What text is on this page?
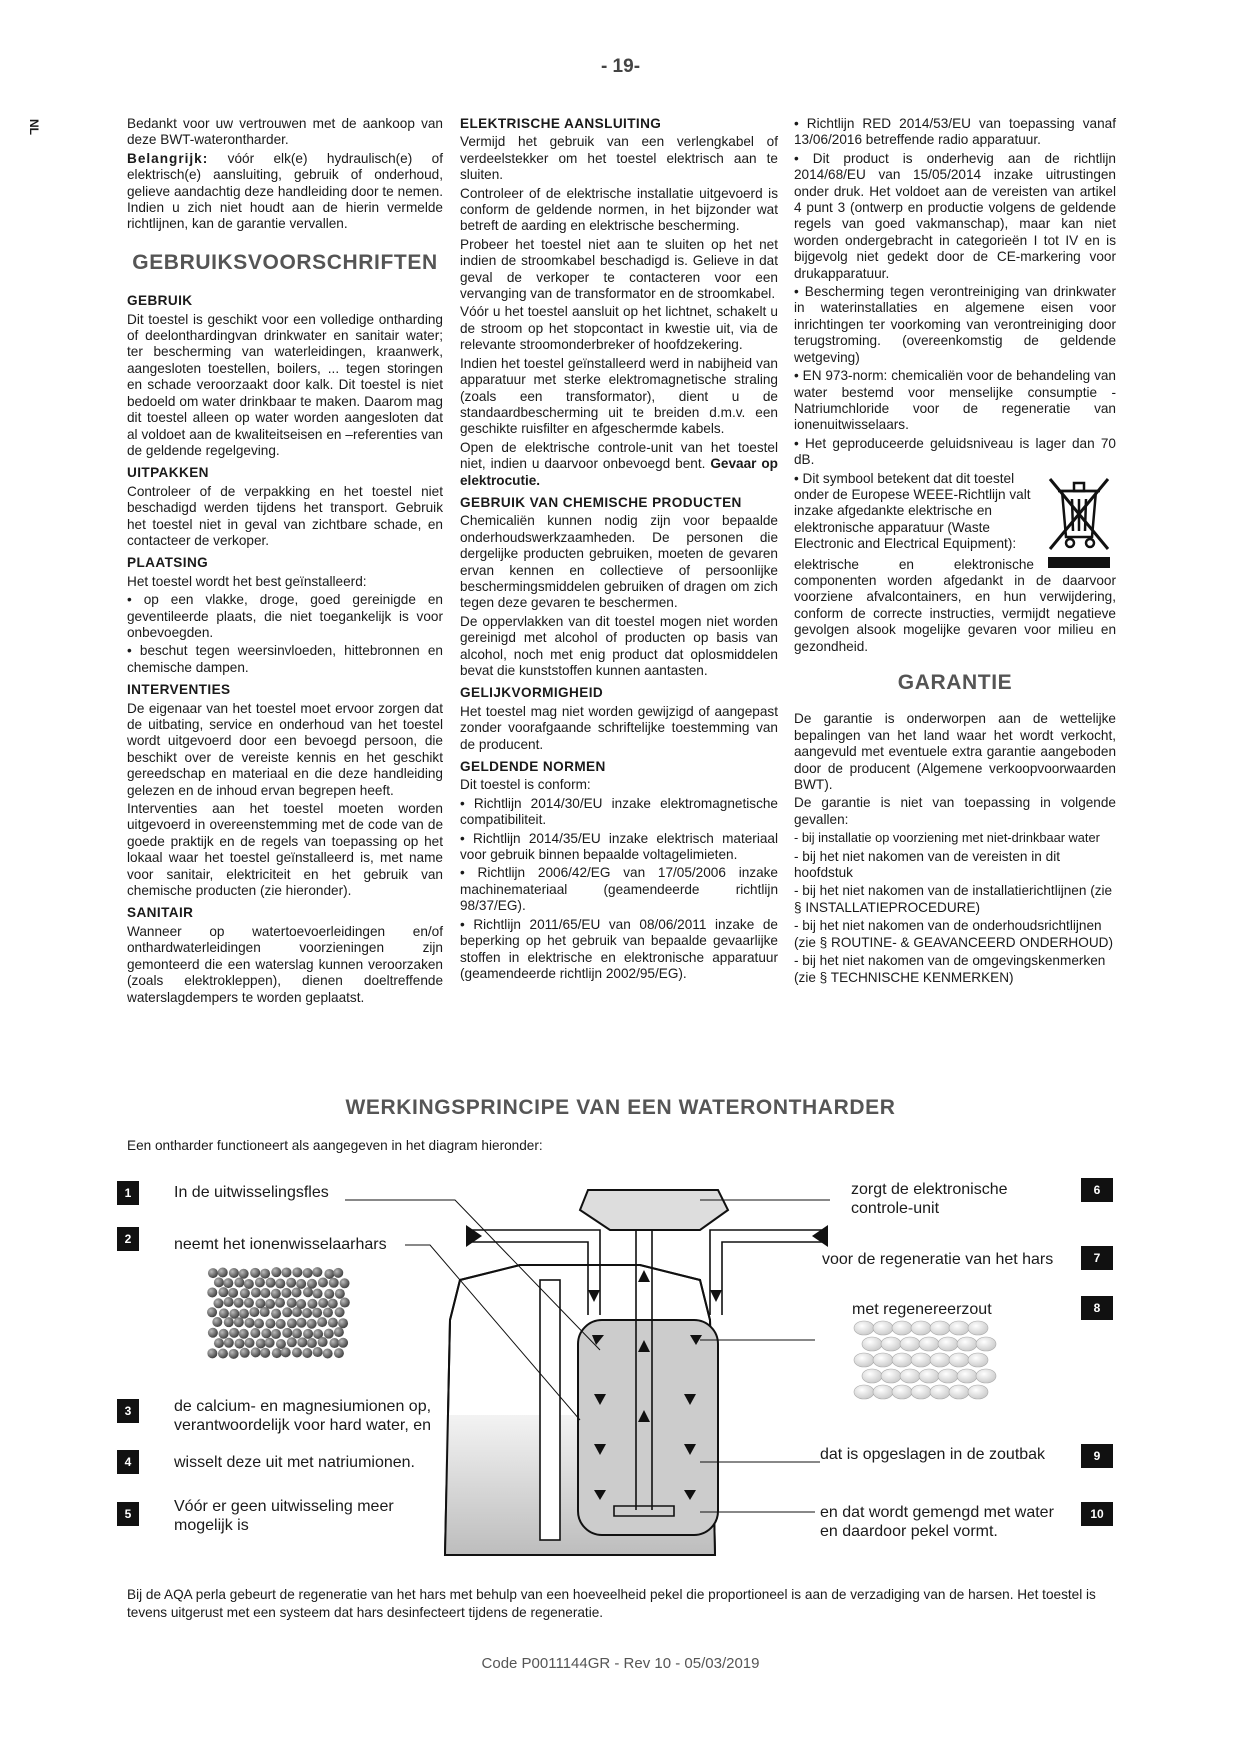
- 19-
NL	Bedankt voor uw vertrouwen met de aankoop van deze BWT-waterontharder.

Belangrijk: vóór elk(e) hydraulisch(e) of elektrisch(e) aansluiting, gebruik of onderhoud, gelieve aandachtig deze handleiding door te nemen. Indien u zich niet houdt aan de hierin vermelde richtlijnen, kan de garantie vervallen.

GEBRUIKSVOORSCHRIFTEN
GEBRUIK

Dit toestel is geschikt voor een volledige ontharding of deelonthardingvan drinkwater en sanitair water; ter bescherming van waterleidingen, kraanwerk, aangesloten toestellen, boilers, ... tegen storingen en schade veroorzaakt door kalk. Dit toestel is niet bedoeld om water drinkbaar te maken. Daarom mag dit toestel alleen op water worden aangesloten dat al voldoet aan de kwaliteitseisen en –referenties van de geldende regelgeving.

UITPAKKEN

Controleer of de verpakking en het toestel niet beschadigd werden tijdens het transport. Gebruik het toestel niet in geval van zichtbare schade, en contacteer de verkoper.

PLAATSING

Het toestel wordt het best geïnstalleerd:

• op een vlakke, droge, goed gereinigde en geventileerde plaats, die niet toegankelijk is voor onbevoegden.

• beschut tegen weersinvloeden, hittebronnen en chemische dampen.

INTERVENTIES

De eigenaar van het toestel moet ervoor zorgen dat de uitbating, service en onderhoud van het toestel wordt uitgevoerd door een bevoegd persoon, die beschikt over de vereiste kennis en het geschikt gereedschap en materiaal en die deze handleiding gelezen en de inhoud ervan begrepen heeft.

Interventies aan het toestel moeten worden uitgevoerd in overeenstemming met de code van de goede praktijk en de regels van toepassing op het lokaal waar het toestel geïnstalleerd is, met name voor sanitair, elektriciteit en het gebruik van chemische producten (zie hieronder).

SANITAIR

Wanneer op watertoevoerleidingen en/of onthardwaterleidingen voorzieningen zijn gemonteerd die een waterslag kunnen veroorzaken (zoals elektrokleppen), dienen doeltreffende waterslagdempers te worden geplaatst.

ELEKTRISCHE AANSLUITING

Vermijd het gebruik van een verlengkabel of verdeelstekker om het toestel elektrisch aan te sluiten.

Controleer of de elektrische installatie uitgevoerd is conform de geldende normen, in het bijzonder wat betreft de aarding en elektrische bescherming.

Probeer het toestel niet aan te sluiten op het net indien de stroomkabel beschadigd is. Gelieve in dat geval de verkoper te contacteren voor een vervanging van de transformator en de stroomkabel.

Vóór u het toestel aansluit op het lichtnet, schakelt u de stroom op het stopcontact in kwestie uit, via de relevante stroomonderbreker of hoofdzekering.

Indien het toestel geïnstalleerd werd in nabijheid van apparatuur met sterke elektromagnetische straling (zoals een transformator), dient u de standaardbescherming uit te breiden d.m.v. een geschikte ruisfilter en afgeschermde kabels.

Open de elektrische controle-unit van het toestel niet, indien u daarvoor onbevoegd bent. Gevaar op elektrocutie.

GEBRUIK VAN CHEMISCHE PRODUCTEN

Chemicaliën kunnen nodig zijn voor bepaalde onderhoudswerkzaamheden. De personen die dergelijke producten gebruiken, moeten de gevaren ervan kennen en collectieve of persoonlijke beschermingsmiddelen gebruiken of dragen om zich tegen deze gevaren te beschermen.

De oppervlakken van dit toestel mogen niet worden gereinigd met alcohol of producten op basis van alcohol, noch met enig product dat oplosmiddelen bevat die kunststoffen kunnen aantasten.

GELIJKVORMIGHEID

Het toestel mag niet worden gewijzigd of aangepast zonder voorafgaande schriftelijke toestemming van de producent.

GELDENDE NORMEN

Dit toestel is conform:

• Richtlijn 2014/30/EU inzake elektromagnetische compatibiliteit.

• Richtlijn 2014/35/EU inzake elektrisch materiaal voor gebruik binnen bepaalde voltagelimieten.

• Richtlijn 2006/42/EG van 17/05/2006 inzake machinemateriaal (geamendeerde richtlijn 98/37/EG).

• Richtlijn 2011/65/EU van 08/06/2011 inzake de beperking op het gebruik van bepaalde gevaarlijke stoffen in elektrische en elektronische apparatuur (geamendeerde richtlijn 2002/95/EG).

• Richtlijn RED 2014/53/EU van toepassing vanaf 13/06/2016 betreffende radio apparatuur.

• Dit product is onderhevig aan de richtlijn 2014/68/EU van 15/05/2014 inzake uitrustingen onder druk. Het voldoet aan de vereisten van artikel 4 punt 3 (ontwerp en productie volgens de geldende regels van goed vakmanschap), maar kan niet worden ondergebracht in categorieën I tot IV en is bijgevolg niet gedekt door de CE-markering voor drukapparatuur.

• Bescherming tegen verontreiniging van drinkwater in waterinstallaties en algemene eisen voor inrichtingen ter voorkoming van verontreiniging door terugstroming. (overeenkomstig de geldende wetgeving)

• EN 973-norm: chemicaliën voor de behandeling van water bestemd voor menselijke consumptie - Natriumchloride voor de regeneratie van ionenuitwisselaars.

• Het geproduceerde geluidsniveau is lager dan 70 dB.

• Dit symbool betekent dat dit toestel onder de Europese WEEE-Richtlijn valt inzake afgedankte elektrische en elektronische apparatuur (Waste Electronic and Electrical Equipment):

elektrische en elektronische componenten worden afgedankt in de daarvoor voorziene afvalcontainers, en hun verwijdering, conform de correcte instructies, vermijdt negatieve gevolgen alsook mogelijke gevaren voor milieu en gezondheid.

GARANTIE

De garantie is onderworpen aan de wettelijke bepalingen van het land waar het wordt verkocht, aangevuld met eventuele extra garantie aangeboden door de producent (Algemene verkoopvoorwaarden BWT).

De garantie is niet van toepassing in volgende gevallen:

- bij installatie op voorziening met niet-drinkbaar water

- bij het niet nakomen van de vereisten in dit hoofdstuk

- bij het niet nakomen van de installatierichtlijnen (zie § INSTALLATIEPROCEDURE)

- bij het niet nakomen van de onderhoudsrichtlijnen (zie § ROUTINE- & GEAVANCEERD ONDERHOUD)

- bij het niet nakomen van de omgevingskenmerken (zie § TECHNISCHE KENMERKEN)

WERKINGSPRINCIPE VAN EEN WATERONTHARDER
Een ontharder functioneert als aangegeven in het diagram hieronder:
1	In de uitwisselingsfles
2	neemt het ionenwisselaarhars
3	de calcium- en magnesiumionen op, verantwoordelijk voor hard water, en
4	wisselt deze uit met natriumionen.
5	Vóór er geen uitwisseling meer mogelijk is
zorgt de elektronische controle-unit
6
voor de regeneratie van het hars	7
met regenereerzout	8
dat is opgeslagen in de zoutbak	9
en dat wordt gemengd met water en daardoor pekel vormt.
10
Bij de AQA perla gebeurt de regeneratie van het hars met behulp van een hoeveelheid pekel die proportioneel is aan de verzadiging van de harsen. Het toestel is tevens uitgerust met een systeem dat hars desinfecteert tijdens de regeneratie.
Code P0011144GR - Rev 10 - 05/03/2019
